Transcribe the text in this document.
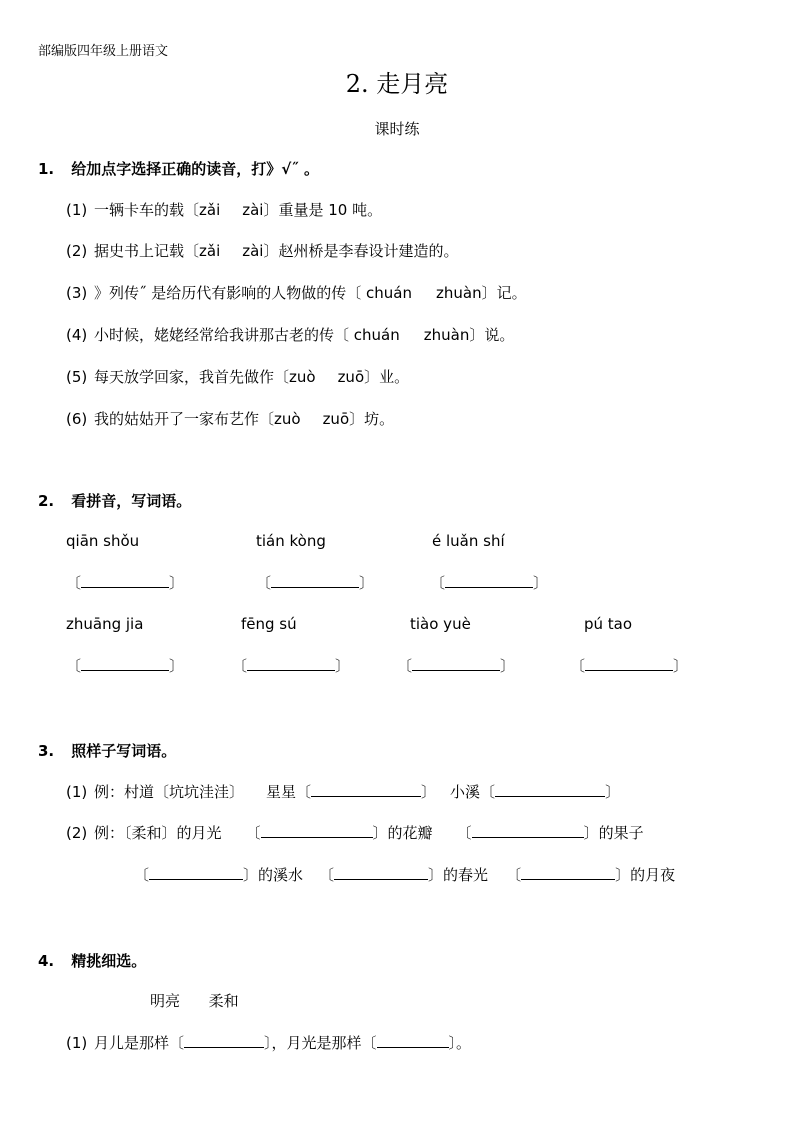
部编版四年级上册语文
2. 走月亮
课时练
1. 给加点字选择正确的读音，打》√˝ 。
(1) 一辆卡车的载〔zǎi zài〕重量是 10 吨。
(2) 据史书上记载〔zǎi zài〕赵州桥是李春设计建造的。
(3) 》列传˝ 是给历代有影响的人物做的传〔 chuán zhuàn〕记。
(4) 小时候，姥姥经常给我讲那古老的传〔 chuán zhuàn〕说。
(5) 每天放学回家，我首先做作〔zuò zuō〕业。
(6) 我的姑姑开了一家布艺作〔zuò zuō〕坊。
2. 看拼音，写词语。
qiān shǒu	tián kòng	é luǎn shí
〔	〕	〔	〕	〔	〕
zhuāng jia	fēng sú	tiào yuè	pú tao
〔	〕	〔	〕	〔	〕	〔	〕
3. 照样子写词语。
(1) 例：村道〔坑坑洼洼〕 星星〔	〕 小溪〔	〕
(2) 例：〔柔和〕的月光 〔	〕的花瓣 〔	〕的果子
〔	〕的溪水 〔	〕的春光 〔	〕的月夜
4. 精挑细选。
明亮      柔和
(1) 月儿是那样〔	〕，月光是那样〔	〕。
